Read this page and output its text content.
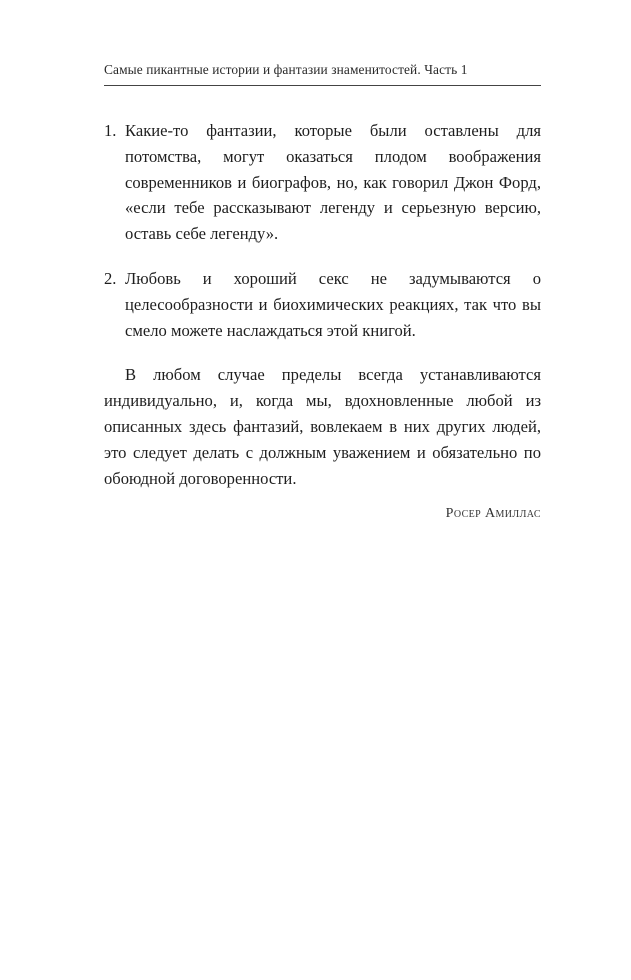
Самые пикантные истории и фантазии знаменитостей. Часть 1
1. Какие-то фантазии, которые были оставлены для потомства, могут оказаться плодом воображения современников и биографов, но, как говорил Джон Форд, «если тебе рассказывают легенду и серьезную версию, оставь себе легенду».
2. Любовь и хороший секс не задумываются о целесообразности и биохимических реакциях, так что вы смело можете наслаждаться этой книгой.

В любом случае пределы всегда устанавливаются индивидуально, и, когда мы, вдохновленные любой из описанных здесь фантазий, вовлекаем в них других людей, это следует делать с должным уважением и обязательно по обоюдной договоренности.

Росер Амиллас
